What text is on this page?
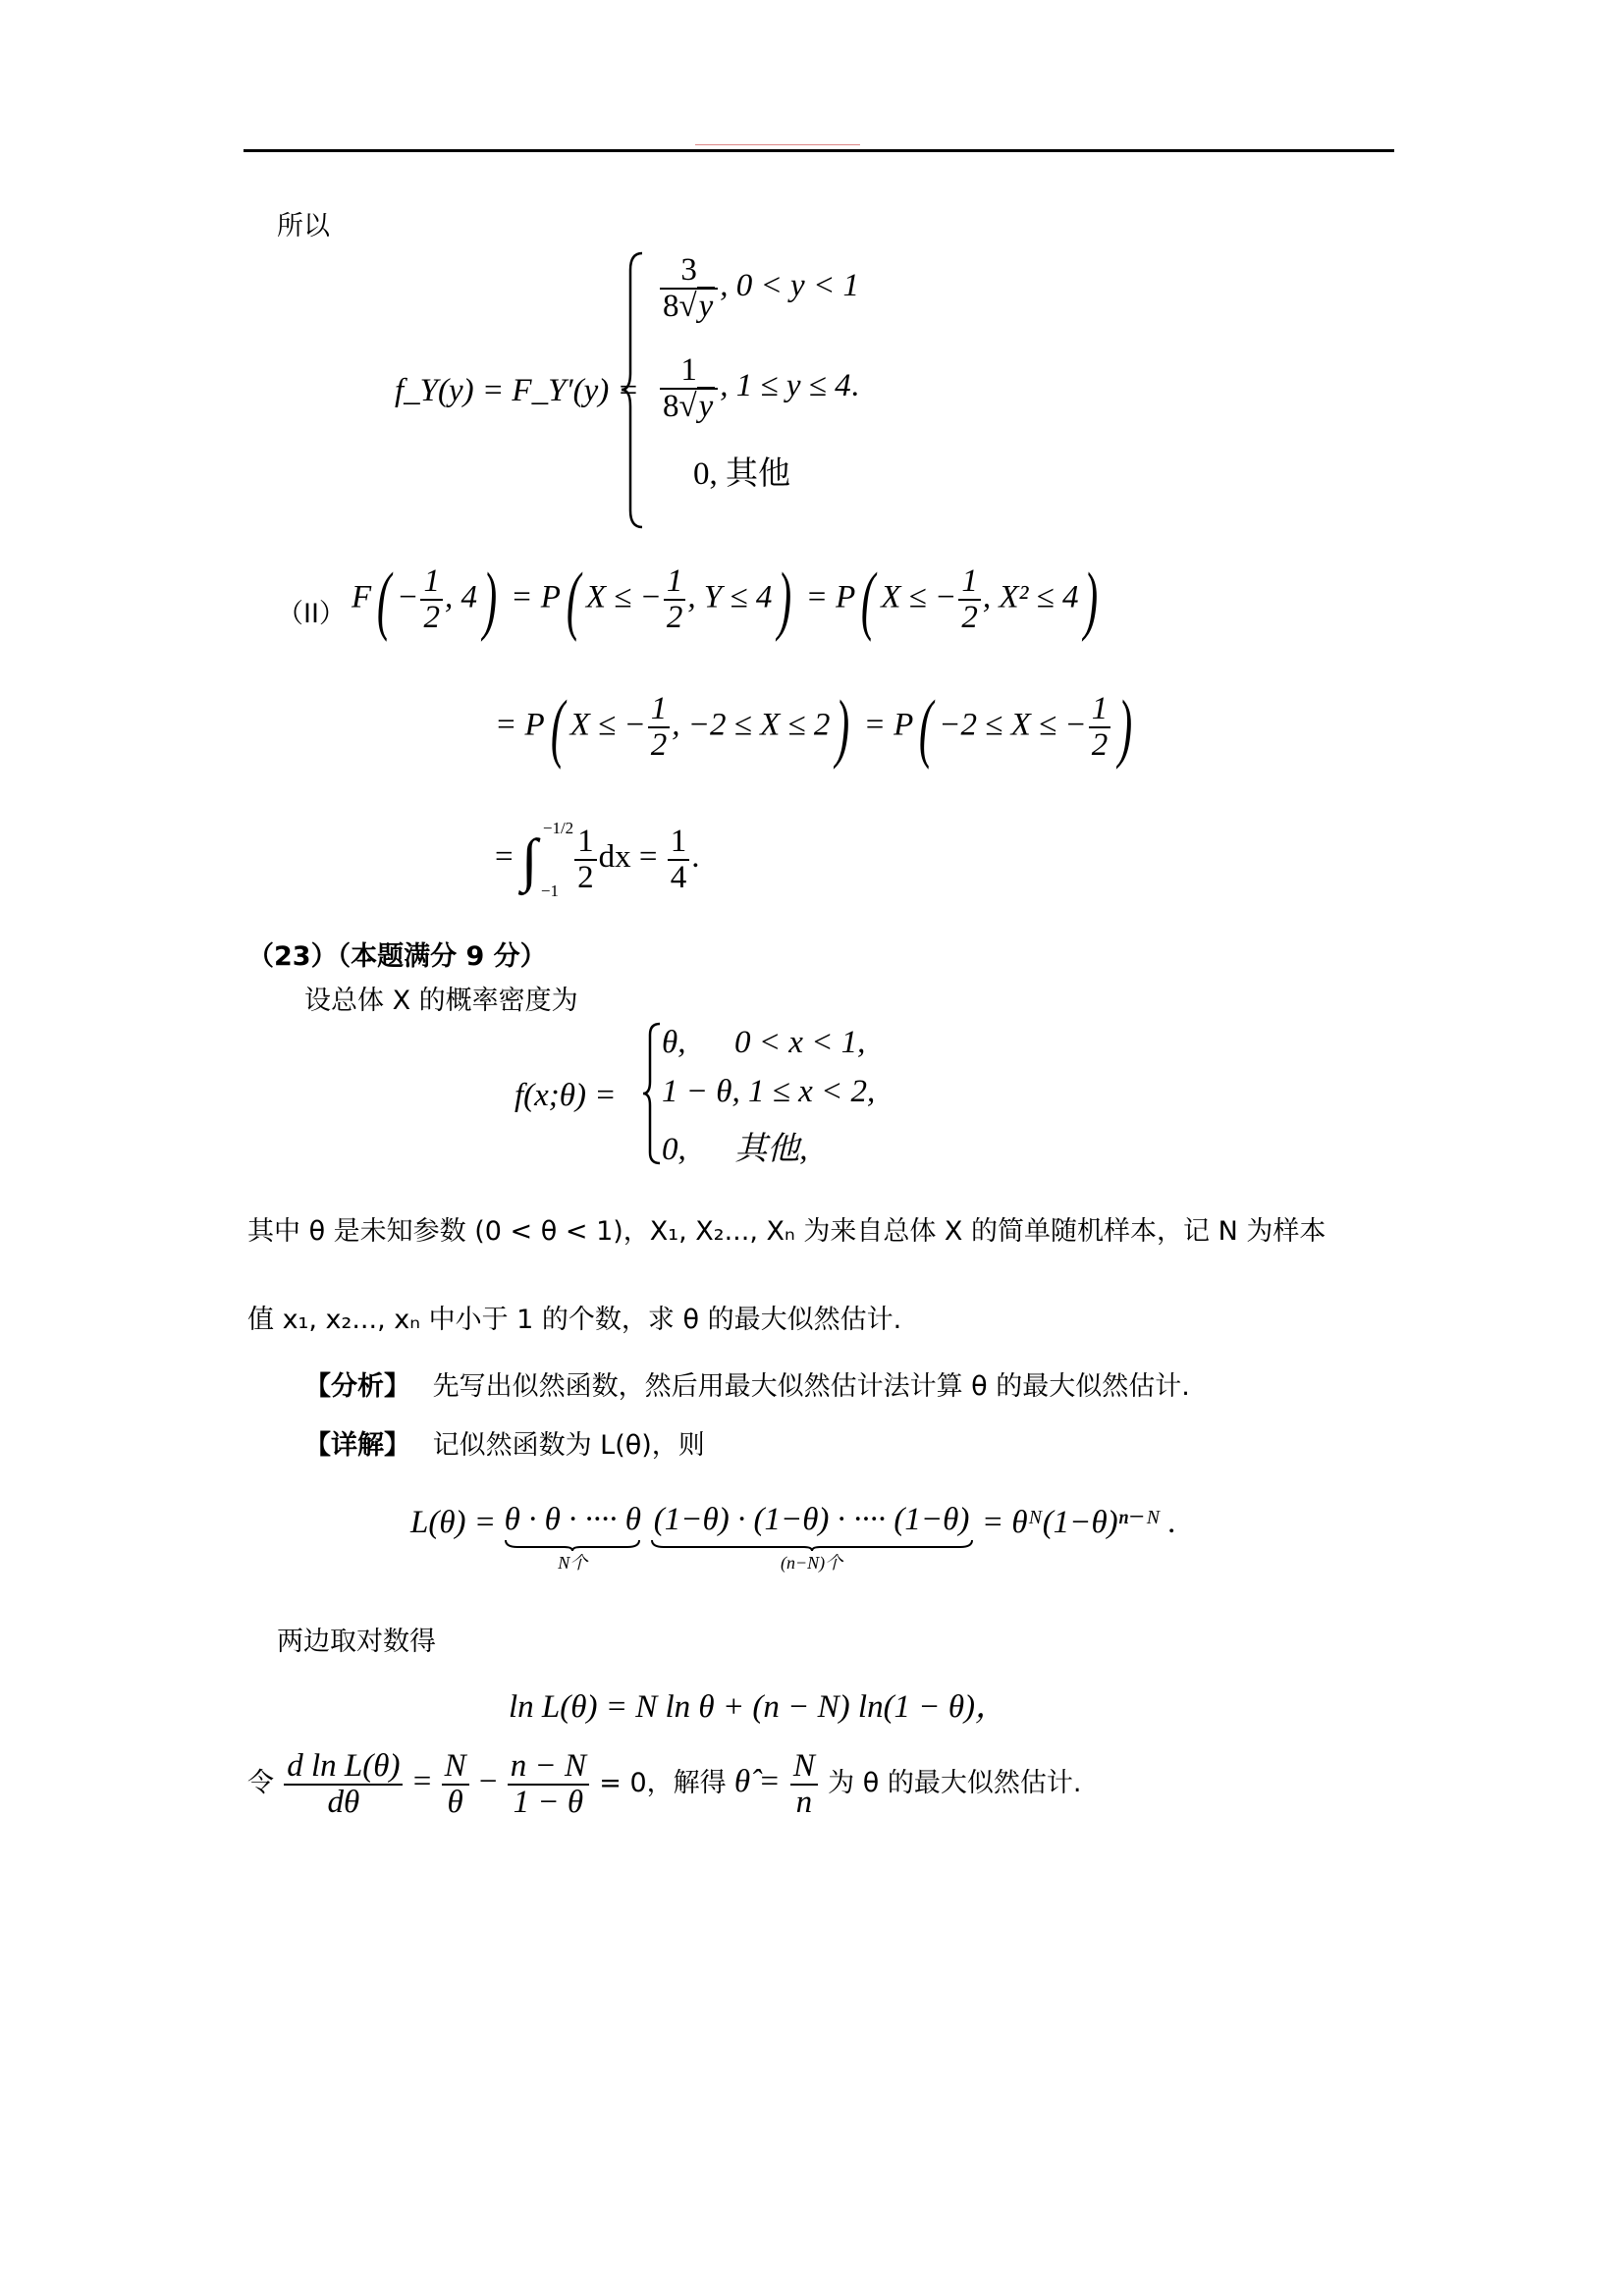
所以
f_Y(y) = F_Y′(y) =
$\frac{3}{8√y}$ , 0 < y < 1
$\frac{1}{8√y}$ , 1 ≤ y ≤ 4.
0, 其他
（II） $F( - \frac{1}{2}$ , 4) = P( X ≤ − $\frac{1}{2}$ , Y ≤ 4) = P( X ≤ − $\frac{1}{2}$ , X² ≤ 4)
= P( X ≤ − $\frac{1}{2}$ , −2 ≤ X ≤ 2) = P( −2 ≤ X ≤ − $\frac{1}{2}$ )
= ∫ −1/2
−1
$\frac{1}{2}$ dx = $\frac{1}{4}$ .
（23）（本题满分 9 分）
设总体 X 的概率密度为
f(x;θ) =
θ,      0 < x < 1,
1 − θ, 1 ≤ x < 2,
0,      其他,
其中 θ 是未知参数 (0 < θ < 1)，X₁, X₂..., Xₙ 为来自总体 X 的简单随机样本，记 N 为样本
值 x₁, x₂..., xₙ 中小于 1 的个数，求 θ 的最大似然估计.
【分析】 先写出似然函数，然后用最大似然估计法计算 θ 的最大似然估计.
【详解】 记似然函数为 L(θ)，则
L(θ) = θ · θ · ···· θ
N个
(1−θ) · (1−θ) · ···· (1−θ)
(n−N)个
= θᴺ(1−θ)ⁿ⁻ᴺ .
两边取对数得
ln L(θ) = N ln θ + (n − N) ln(1 − θ)，
令 $\frac{\text{d ln L(θ)}}{d\theta} = \frac{N}{\theta} - \frac{n - N}{1 - \theta} = 0$，解得 θ̂ = $\frac{N}{n}$ 为 θ 的最大似然估计.
